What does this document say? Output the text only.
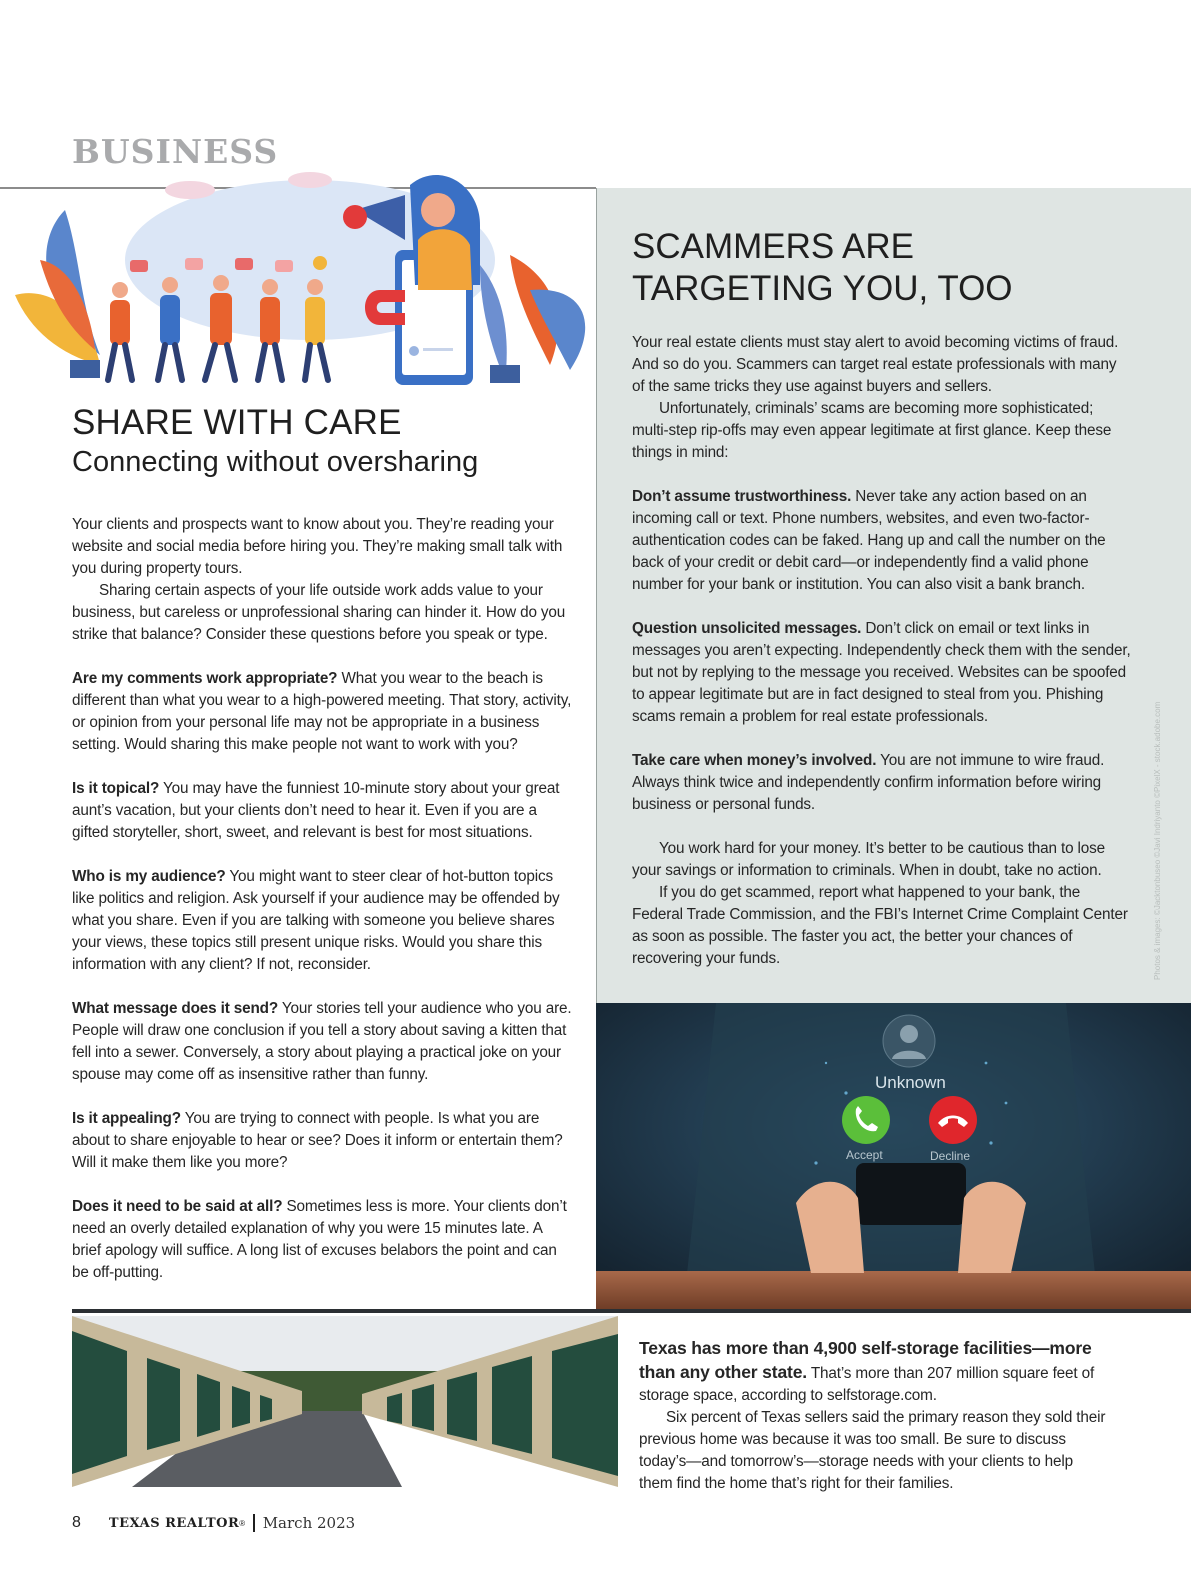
BUSINESS
SHARE WITH CARE
Connecting without oversharing

Your clients and prospects want to know about you. They’re reading your website and social media before hiring you. They’re making small talk with you during property tours.

Sharing certain aspects of your life outside work adds value to your business, but careless or unprofessional sharing can hinder it. How do you strike that balance? Consider these questions before you speak or type.

Are my comments work appropriate? What you wear to the beach is different than what you wear to a high-powered meeting. That story, activity, or opinion from your personal life may not be appropriate in a business setting. Would sharing this make people not want to work with you?

Is it topical? You may have the funniest 10-minute story about your great aunt’s vacation, but your clients don’t need to hear it. Even if you are a gifted storyteller, short, sweet, and relevant is best for most situations.

Who is my audience? You might want to steer clear of hot-button topics like politics and religion. Ask yourself if your audience may be offended by what you share. Even if you are talking with someone you believe shares your views, these topics still present unique risks. Would you share this information with any client? If not, reconsider.

What message does it send? Your stories tell your audience who you are. People will draw one conclusion if you tell a story about saving a kitten that fell into a sewer. Conversely, a story about playing a practical joke on your spouse may come off as insensitive rather than funny.

Is it appealing? You are trying to connect with people. Is what you are about to share enjoyable to hear or see? Does it inform or entertain them? Will it make them like you more?

Does it need to be said at all? Sometimes less is more. Your clients don’t need an overly detailed explanation of why you were 15 minutes late. A brief apology will suffice. A long list of excuses belabors the point and can be off-putting.

SCAMMERS ARE
TARGETING YOU, TOO

Your real estate clients must stay alert to avoid becoming victims of fraud. And so do you. Scammers can target real estate professionals with many of the same tricks they use against buyers and sellers.

Unfortunately, criminals’ scams are becoming more sophisticated; multi-step rip-offs may even appear legitimate at first glance. Keep these things in mind:

Don’t assume trustworthiness. Never take any action based on an incoming call or text. Phone numbers, websites, and even two-factor-authentication codes can be faked. Hang up and call the number on the back of your credit or debit card—or independently find a valid phone number for your bank or institution. You can also visit a bank branch.

Question unsolicited messages. Don’t click on email or text links in messages you aren’t expecting. Independently check them with the sender, but not by replying to the message you received. Websites can be spoofed to appear legitimate but are in fact designed to steal from you. Phishing scams remain a problem for real estate professionals.

Take care when money’s involved. You are not immune to wire fraud. Always think twice and independently confirm information before wiring business or personal funds.

You work hard for your money. It’s better to be cautious than to lose your savings or information to criminals. When in doubt, take no action.

If you do get scammed, report what happened to your bank, the Federal Trade Commission, and the FBI’s Internet Crime Complaint Center as soon as possible. The faster you act, the better your chances of recovering your funds.	Photos & images: ©Jacktonbuseo ©Javi Indriyanto ©PixelX - stock.adobe.com
Unknown
Accept	Decline

Texas has more than 4,900 self-storage facilities—more than any other state. That’s more than 207 million square feet of storage space, according to selfstorage.com.

Six percent of Texas sellers said the primary reason they sold their previous home was because it was too small. Be sure to discuss today’s—and tomorrow’s—storage needs with your clients to help them find the home that’s right for their families.

8 TEXAS REALTOR ® March 2023
